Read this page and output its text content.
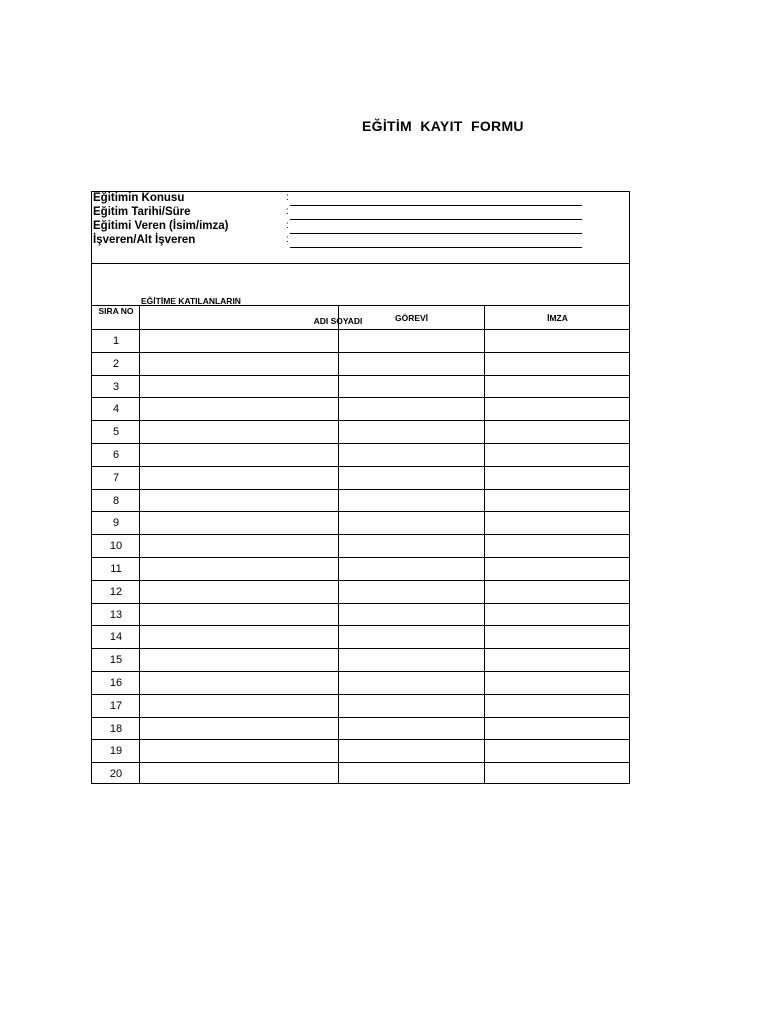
EĞİTİM  KAYIT  FORMU
Eğitimin Konusu	:
Eğitim Tarihi/Süre	:
Eğitimi Veren (İsim/imza)	:
İşveren/Alt İşveren	:
EĞİTİME KATILANLARIN
SIRA NO
ADI SOYADI	GÖREVİ	İMZA
1
2
3
4
5
6
7
8
9
10
11
12
13
14
15
16
17
18
19
20
